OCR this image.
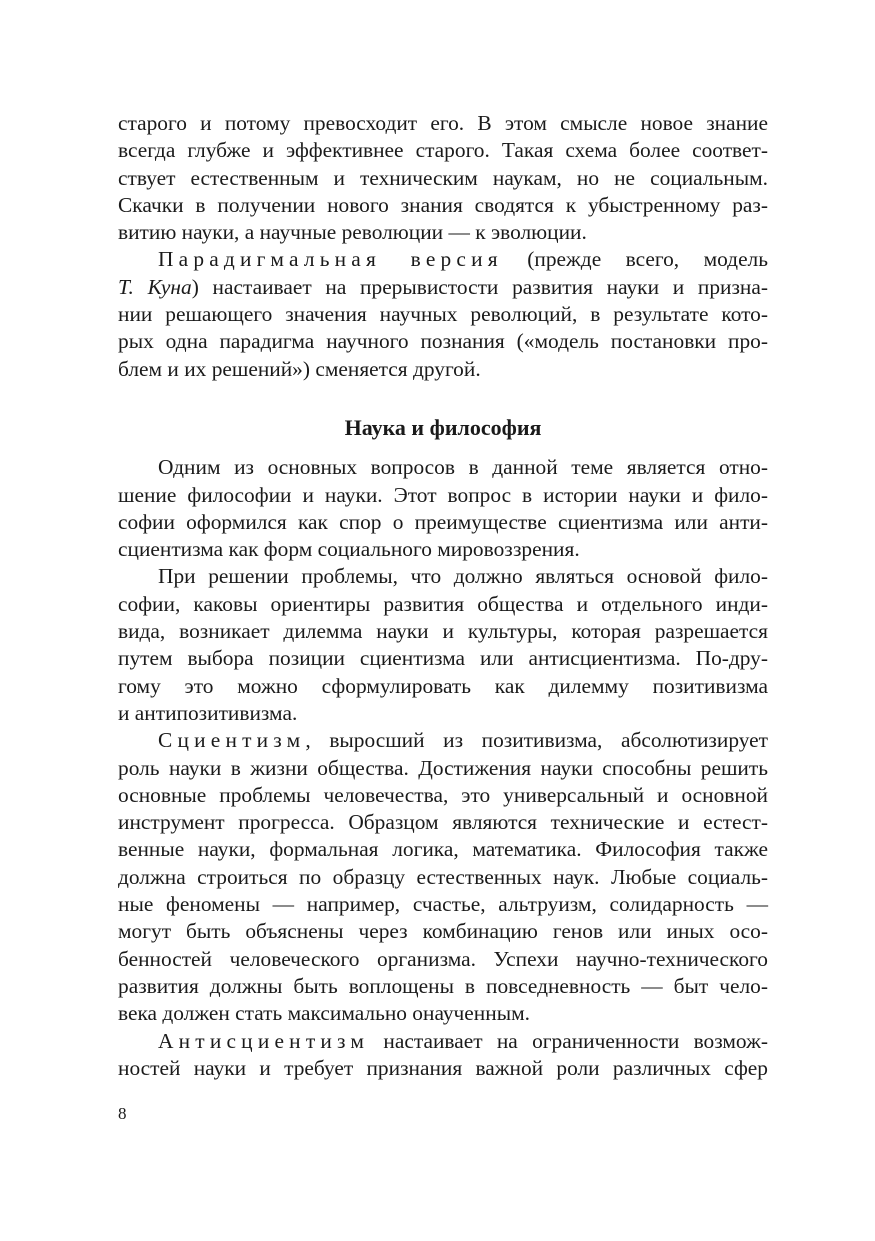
старого и потому превосходит его. В этом смысле новое знание
всегда глубже и эффективнее старого. Такая схема более соответ-
ствует естественным и техническим наукам, но не социальным.
Скачки в получении нового знания сводятся к убыстренному раз-
витию науки, а научные революции — к эволюции.
Парадигмальная версия (прежде всего, модель
Т. Куна) настаивает на прерывистости развития науки и призна-
нии решающего значения научных революций, в результате кото-
рых одна парадигма научного познания («модель постановки про-
блем и их решений») сменяется другой.
Наука и философия
Одним из основных вопросов в данной теме является отно-
шение философии и науки. Этот вопрос в истории науки и фило-
софии оформился как спор о преимуществе сциентизма или анти-
сциентизма как форм социального мировоззрения.
При решении проблемы, что должно являться основой фило-
софии, каковы ориентиры развития общества и отдельного инди-
вида, возникает дилемма науки и культуры, которая разрешается
путем выбора позиции сциентизма или антисциентизма. По-дру-
гому это можно сформулировать как дилемму позитивизма
и антипозитивизма.
Сциентизм, выросший из позитивизма, абсолютизирует
роль науки в жизни общества. Достижения науки способны решить
основные проблемы человечества, это универсальный и основной
инструмент прогресса. Образцом являются технические и естест-
венные науки, формальная логика, математика. Философия также
должна строиться по образцу естественных наук. Любые социаль-
ные феномены — например, счастье, альтруизм, солидарность —
могут быть объяснены через комбинацию генов или иных осо-
бенностей человеческого организма. Успехи научно-технического
развития должны быть воплощены в повседневность — быт чело-
века должен стать максимально онаученным.
Антисциентизм настаивает на ограниченности возмож-
ностей науки и требует признания важной роли различных сфер
8
